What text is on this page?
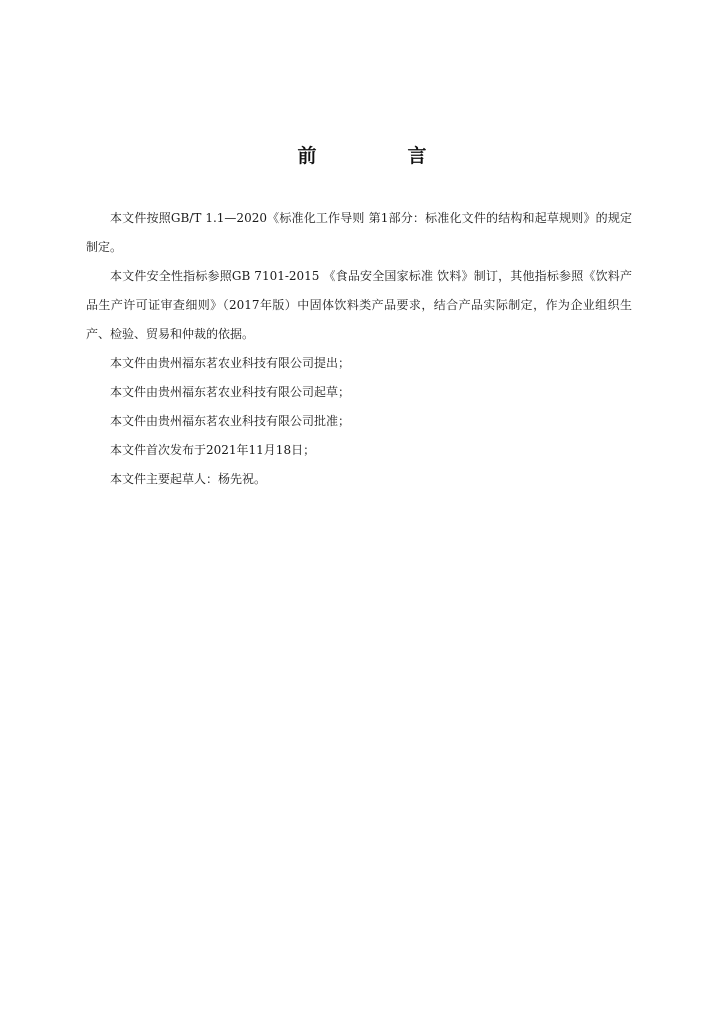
前　言

本文件按照GB/T 1.1—2020《标准化工作导则 第1部分：标准化文件的结构和起草规则》的规定制定。

本文件安全性指标参照GB 7101-2015 《食品安全国家标准 饮料》制订，其他指标参照《饮料产品生产许可证审查细则》（2017年版）中固体饮料类产品要求，结合产品实际制定，作为企业组织生产、检验、贸易和仲裁的依据。

本文件由贵州福东茗农业科技有限公司提出；

本文件由贵州福东茗农业科技有限公司起草；

本文件由贵州福东茗农业科技有限公司批准；

本文件首次发布于2021年11月18日；

本文件主要起草人：杨先祝。
